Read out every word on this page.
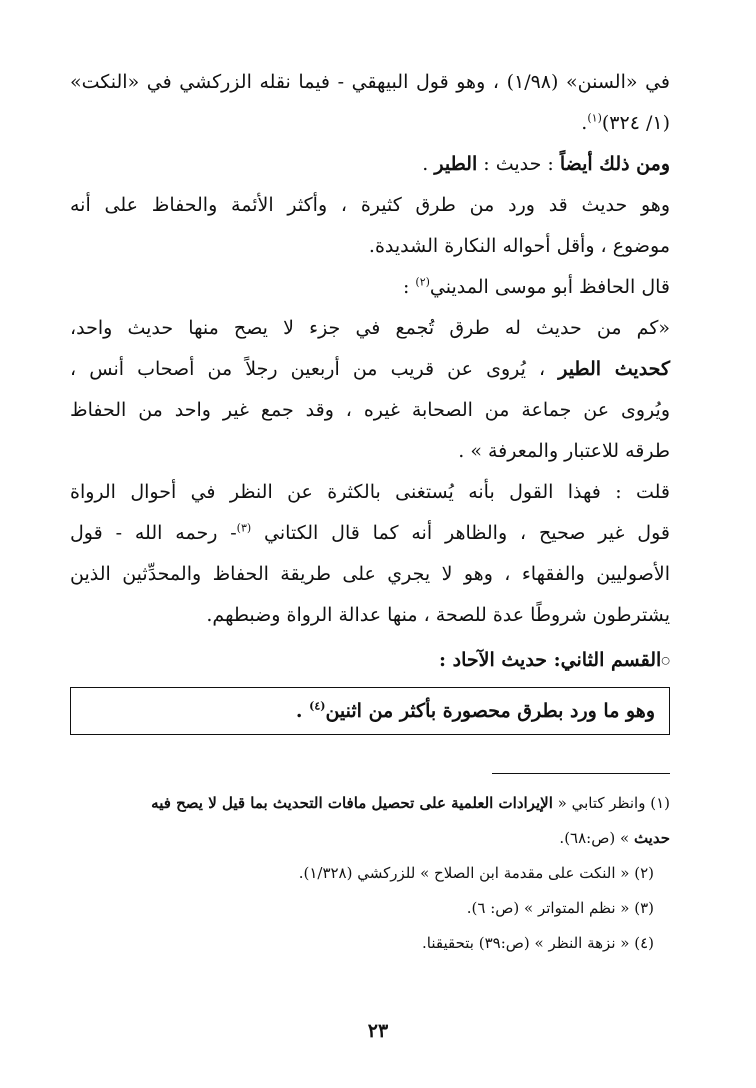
في «السنن» (١/٩٨) ، وهو قول البيهقي - فيما نقله الزركشي في «النكت»
(١/ ٣٢٤)$^{(١)}$.
ومن ذلك أيضاً : حديث : الطير .
وهو حديث قد ورد من طرق كثيرة ، وأكثر الأئمة والحفاظ على أنه
موضوع ، وأقل أحواله النكارة الشديدة.
قال الحافظ أبو موسى المديني$^{(٢)}$ :
«كم من حديث له طرق تُجمع في جزء لا يصح منها حديث واحد،
كحديث الطير ، يُروى عن قريب من أربعين رجلاً من أصحاب أنس ،
ويُروى عن جماعة من الصحابة غيره ، وقد جمع غير واحد من الحفاظ
طرقه للاعتبار والمعرفة » .
قلت : فهذا القول بأنه يُستغنى بالكثرة عن النظر في أحوال الرواة
قول غير صحيح ، والظاهر أنه كما قال الكتاني $^{(٣)}$- رحمه الله - قول
الأصوليين والفقهاء ، وهو لا يجري على طريقة الحفاظ والمحدِّثين الذين
يشترطون شروطًا عدة للصحة ، منها عدالة الرواة وضبطهم.
○القسم الثاني: حديث الآحاد :
وهو ما ورد بطرق محصورة بأكثر من اثنين$^{(٤)}$ .
(١) وانظر كتابي « الإيرادات العلمية على تحصيل مافات التحديث بما قيل لا يصح فيه
حديث » (ص:٦٨).
(٢) « النكت على مقدمة ابن الصلاح » للزركشي (١/٣٢٨).
(٣) « نظم المتواتر » (ص: ٦).
(٤) « نزهة النظر » (ص:٣٩) بتحقيقنا.
٢٣
